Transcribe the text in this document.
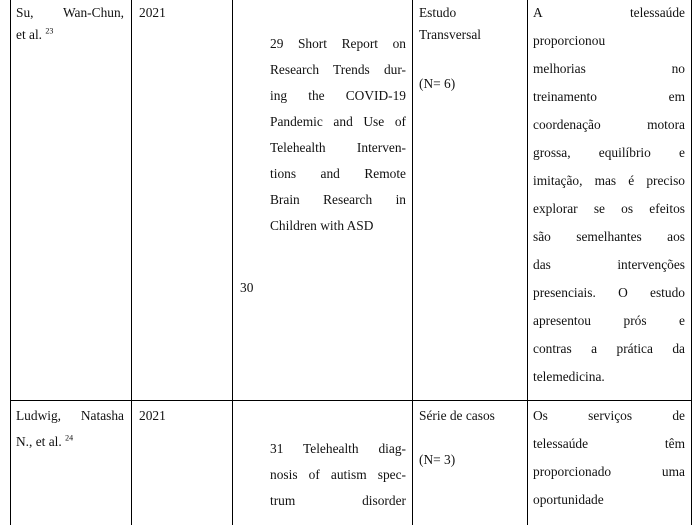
Su, Wan-Chun,
et al. $^{23}$
2021
29 Short Report on
Research Trends dur-
ing the COVID-19
Pandemic and Use of
Telehealth Interven-
tions and Remote
Brain Research in
Children with ASD
30
Estudo
Transversal
(N= 6)
A telessaúde
proporcionou
melhorias no
treinamento em
coordenação motora
grossa, equilíbrio e
imitação, mas é preciso
explorar se os efeitos
são semelhantes aos
das intervenções
presenciais. O estudo
apresentou prós e
contras a prática da
telemedicina.
Ludwig, Natasha
N., et al. $^{24}$
2021
31 Telehealth diag-
nosis of autism spec-
trum disorder
Série de casos
(N= 3)
Os serviços de
telessaúde têm
proporcionado uma
oportunidade
